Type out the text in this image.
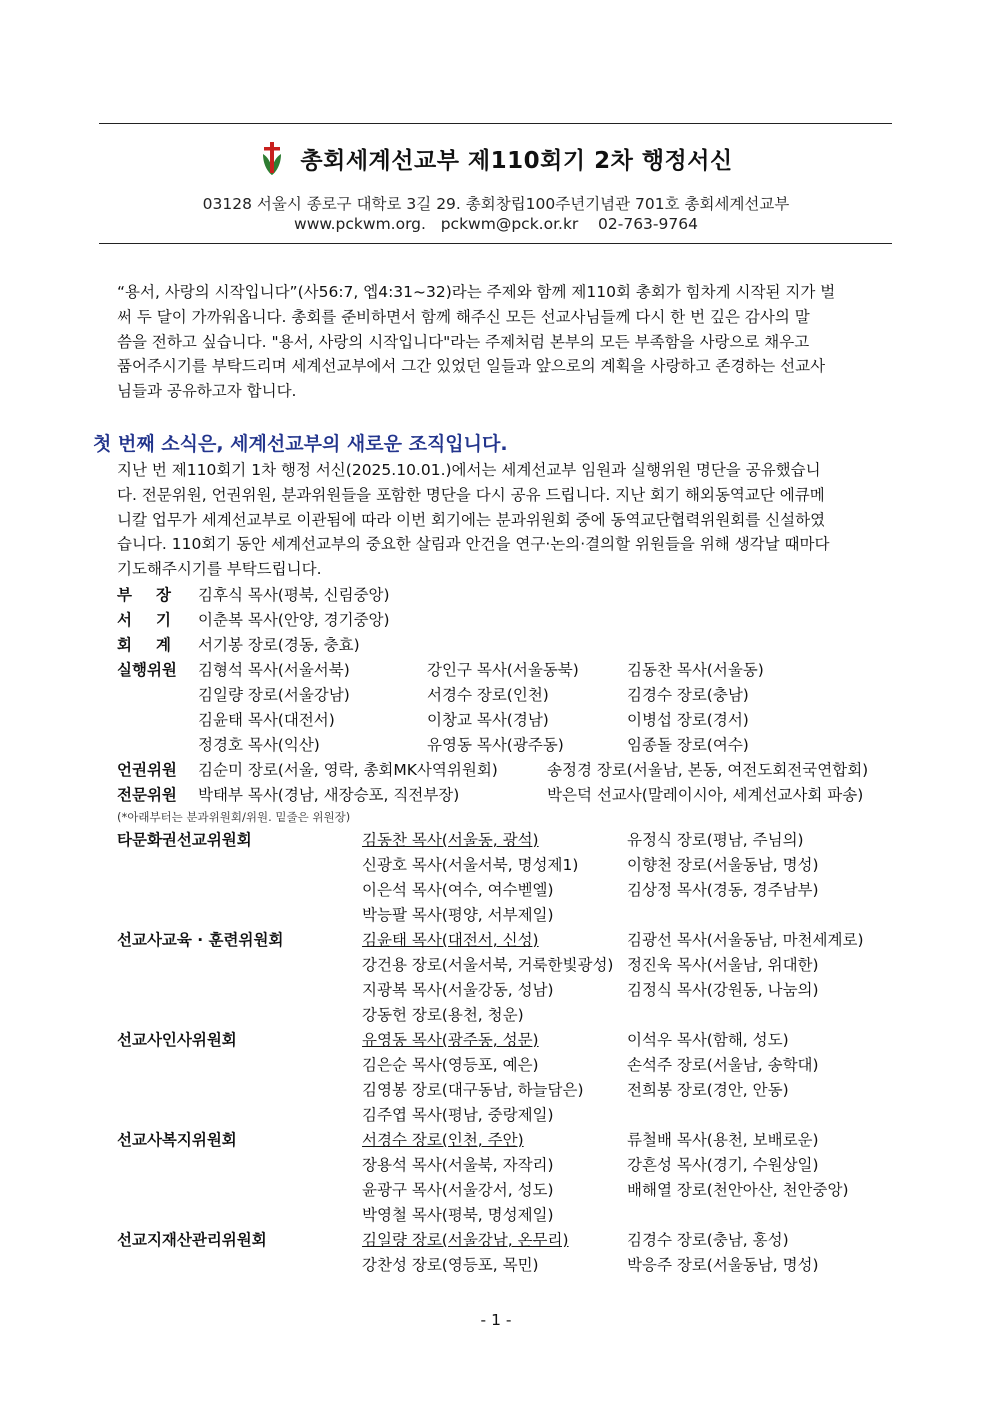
총회세계선교부 제110회기 2차 행정서신
03128 서울시 종로구 대학로 3길 29. 총회창립100주년기념관 701호 총회세계선교부
www.pckwm.org.   pckwm@pck.or.kr    02-763-9764

“용서, 사랑의 시작입니다”(사56:7, 엡4:31~32)라는 주제와 함께 제110회 총회가 힘차게 시작된 지가 벌

써 두 달이 가까워옵니다. 총회를 준비하면서 함께 해주신 모든 선교사님들께 다시 한 번 깊은 감사의 말

씀을 전하고 싶습니다. "용서, 사랑의 시작입니다"라는 주제처럼 본부의 모든 부족함을 사랑으로 채우고

품어주시기를 부탁드리며 세계선교부에서 그간 있었던 일들과 앞으로의 계획을 사랑하고 존경하는 선교사

님들과 공유하고자 합니다.

첫 번째 소식은, 세계선교부의 새로운 조직입니다.
지난 번 제110회기 1차 행정 서신(2025.10.01.)에서는 세계선교부 임원과 실행위원 명단을 공유했습니
다. 전문위원, 언권위원, 분과위원들을 포함한 명단을 다시 공유 드립니다. 지난 회기 해외동역교단 에큐메
니칼 업무가 세계선교부로 이관됨에 따라 이번 회기에는 분과위원회 중에 동역교단협력위원회를 신설하였
습니다. 110회기 동안 세계선교부의 중요한 살림과 안건을 연구·논의·결의할 위원들을 위해 생각날 때마다
기도해주시기를 부탁드립니다.
부장 김후식 목사(평북, 신림중앙)
서기 이춘복 목사(안양, 경기중앙)
회계 서기봉 장로(경동, 충효)
실행위원 김형석 목사(서울서북)	강인구 목사(서울동북)	김동찬 목사(서울동)
김일량 장로(서울강남)	서경수 장로(인천)	김경수 장로(충남)
김윤태 목사(대전서)	이창교 목사(경남)	이병섭 장로(경서)
정경호 목사(익산)	유영동 목사(광주동)	임종돌 장로(여수)
언권위원 김순미 장로(서울, 영락, 총회MK사역위원회)	송정경 장로(서울남, 본동, 여전도회전국연합회)
전문위원 박태부 목사(경남, 새장승포, 직전부장)	박은덕 선교사(말레이시아, 세계선교사회 파송)
(*아래부터는 분과위원회/위원. 밑줄은 위원장)
타문화권선교위원회	김동찬 목사(서울동, 광석)	유정식 장로(평남, 주님의)
신광호 목사(서울서북, 명성제1)	이향천 장로(서울동남, 명성)
이은석 목사(여수, 여수벧엘)	김상정 목사(경동, 경주남부)
박능팔 목사(평양, 서부제일)
선교사교육 · 훈련위원회	김윤태 목사(대전서, 신성)	김광선 목사(서울동남, 마천세계로)
강건용 장로(서울서북, 거룩한빛광성) 정진욱 목사(서울남, 위대한)
지광복 목사(서울강동, 성남)	김정식 목사(강원동, 나눔의)
강동헌 장로(용천, 청운)
선교사인사위원회	유영동 목사(광주동, 성문)	이석우 목사(함해, 성도)
김은순 목사(영등포, 예은)	손석주 장로(서울남, 송학대)
김영봉 장로(대구동남, 하늘담은)	전희봉 장로(경안, 안동)
김주엽 목사(평남, 중랑제일)
선교사복지위원회	서경수 장로(인천, 주안)	류철배 목사(용천, 보배로운)
장용석 목사(서울북, 자작리)	강흔성 목사(경기, 수원상일)
윤광구 목사(서울강서, 성도)	배해열 장로(천안아산, 천안중앙)
박영철 목사(평북, 명성제일)
선교지재산관리위원회	김일량 장로(서울강남, 온무리)	김경수 장로(충남, 홍성)
강찬성 장로(영등포, 목민)	박응주 장로(서울동남, 명성)
- 1 -
